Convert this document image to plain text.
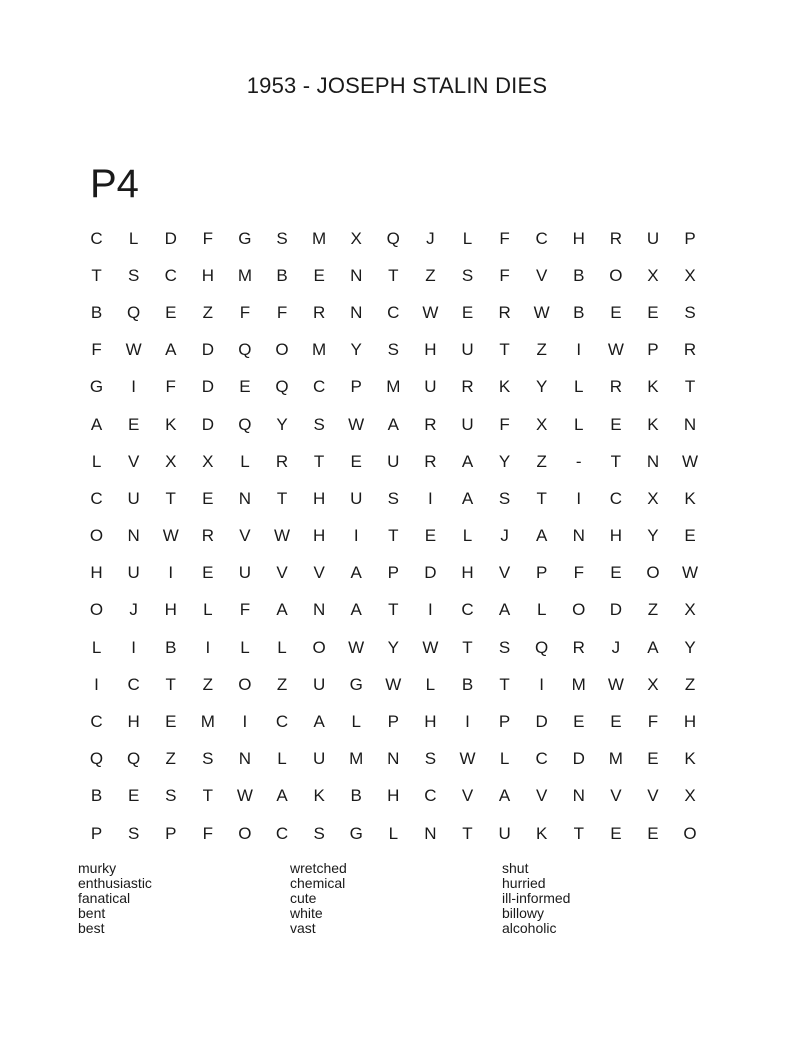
1953 - JOSEPH STALIN DIES
P4
C	L	D	F	G	S	M	X	Q	J	L	F	C	H	R	U	P
T	S	C	H	M	B	E	N	T	Z	S	F	V	B	O	X	X
B	Q	E	Z	F	F	R	N	C	W	E	R	W	B	E	E	S
F	W	A	D	Q	O	M	Y	S	H	U	T	Z	I	W	P	R
G	I	F	D	E	Q	C	P	M	U	R	K	Y	L	R	K	T
A	E	K	D	Q	Y	S	W	A	R	U	F	X	L	E	K	N
L	V	X	X	L	R	T	E	U	R	A	Y	Z	-	T	N	W
C	U	T	E	N	T	H	U	S	I	A	S	T	I	C	X	K
O	N	W	R	V	W	H	I	T	E	L	J	A	N	H	Y	E
H	U	I	E	U	V	V	A	P	D	H	V	P	F	E	O	W
O	J	H	L	F	A	N	A	T	I	C	A	L	O	D	Z	X
L	I	B	I	L	L	O	W	Y	W	T	S	Q	R	J	A	Y
I	C	T	Z	O	Z	U	G	W	L	B	T	I	M	W	X	Z
C	H	E	M	I	C	A	L	P	H	I	P	D	E	E	F	H
Q	Q	Z	S	N	L	U	M	N	S	W	L	C	D	M	E	K
B	E	S	T	W	A	K	B	H	C	V	A	V	N	V	V	X
P	S	P	F	O	C	S	G	L	N	T	U	K	T	E	E	O
murky
enthusiastic
fanatical
bent
best
wretched
chemical
cute
white
vast
shut
hurried
ill-informed
billowy
alcoholic
